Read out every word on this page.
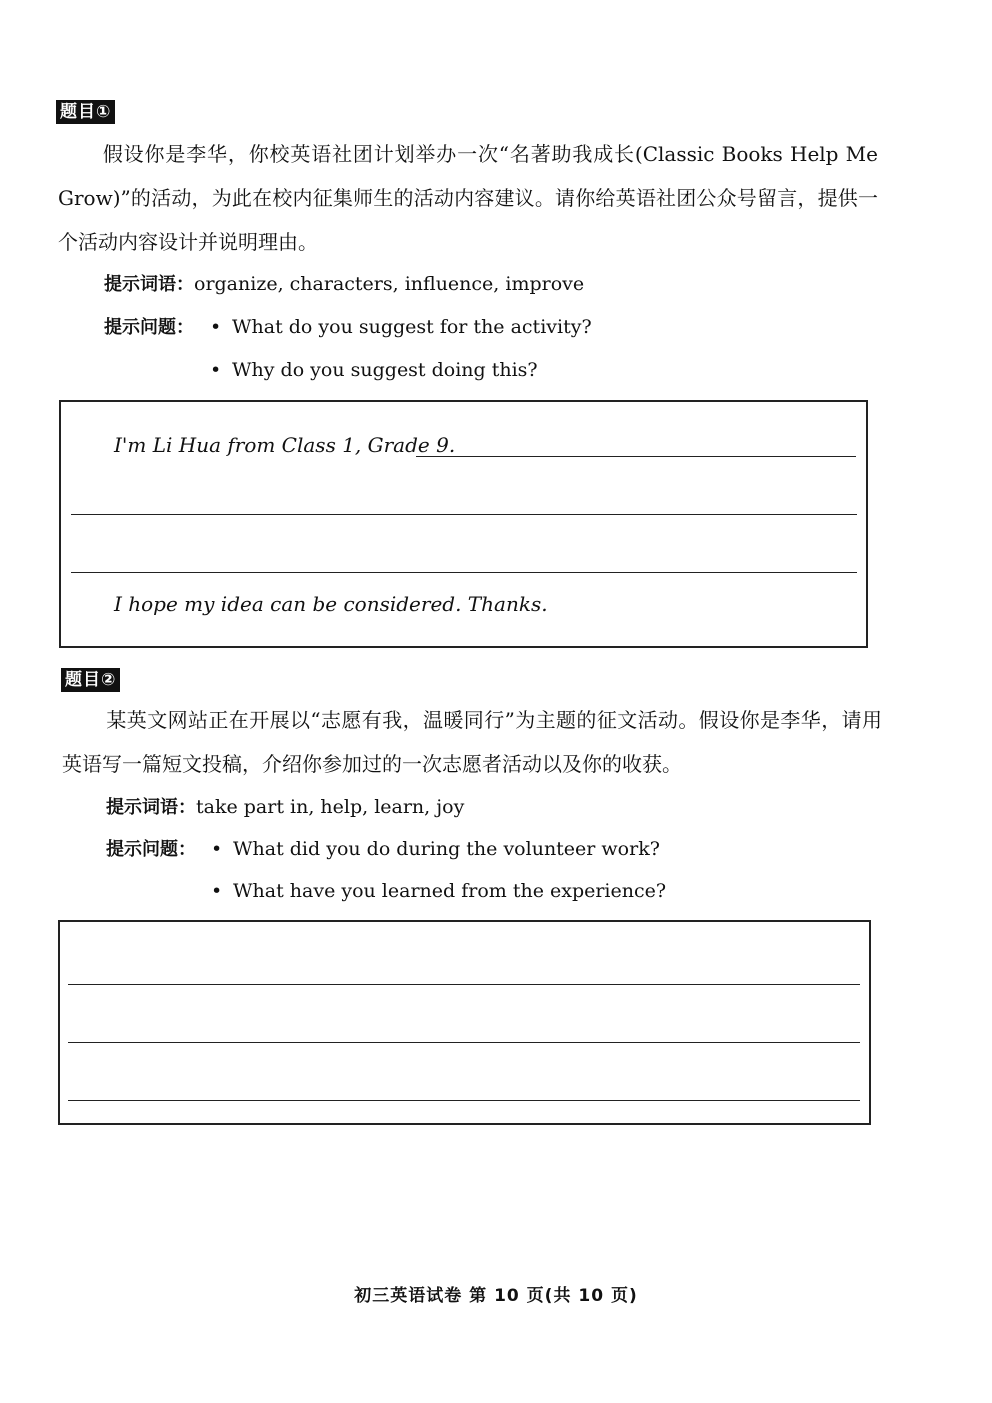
题目①
假设你是李华，你校英语社团计划举办一次“名著助我成长(Classic Books Help Me Grow)”的活动，为此在校内征集师生的活动内容建议。请你给英语社团公众号留言，提供一个活动内容设计并说明理由。
提示词语：organize, characters, influence, improve
提示问题： • What do you suggest for the activity?
• Why do you suggest doing this?
I'm Li Hua from Class 1, Grade 9.
I hope my idea can be considered. Thanks.
题目②
某英文网站正在开展以“志愿有我，温暖同行”为主题的征文活动。假设你是李华，请用英语写一篇短文投稿，介绍你参加过的一次志愿者活动以及你的收获。
提示词语：take part in, help, learn, joy
提示问题： • What did you do during the volunteer work?
• What have you learned from the experience?
初三英语试卷 第 10 页(共 10 页)
